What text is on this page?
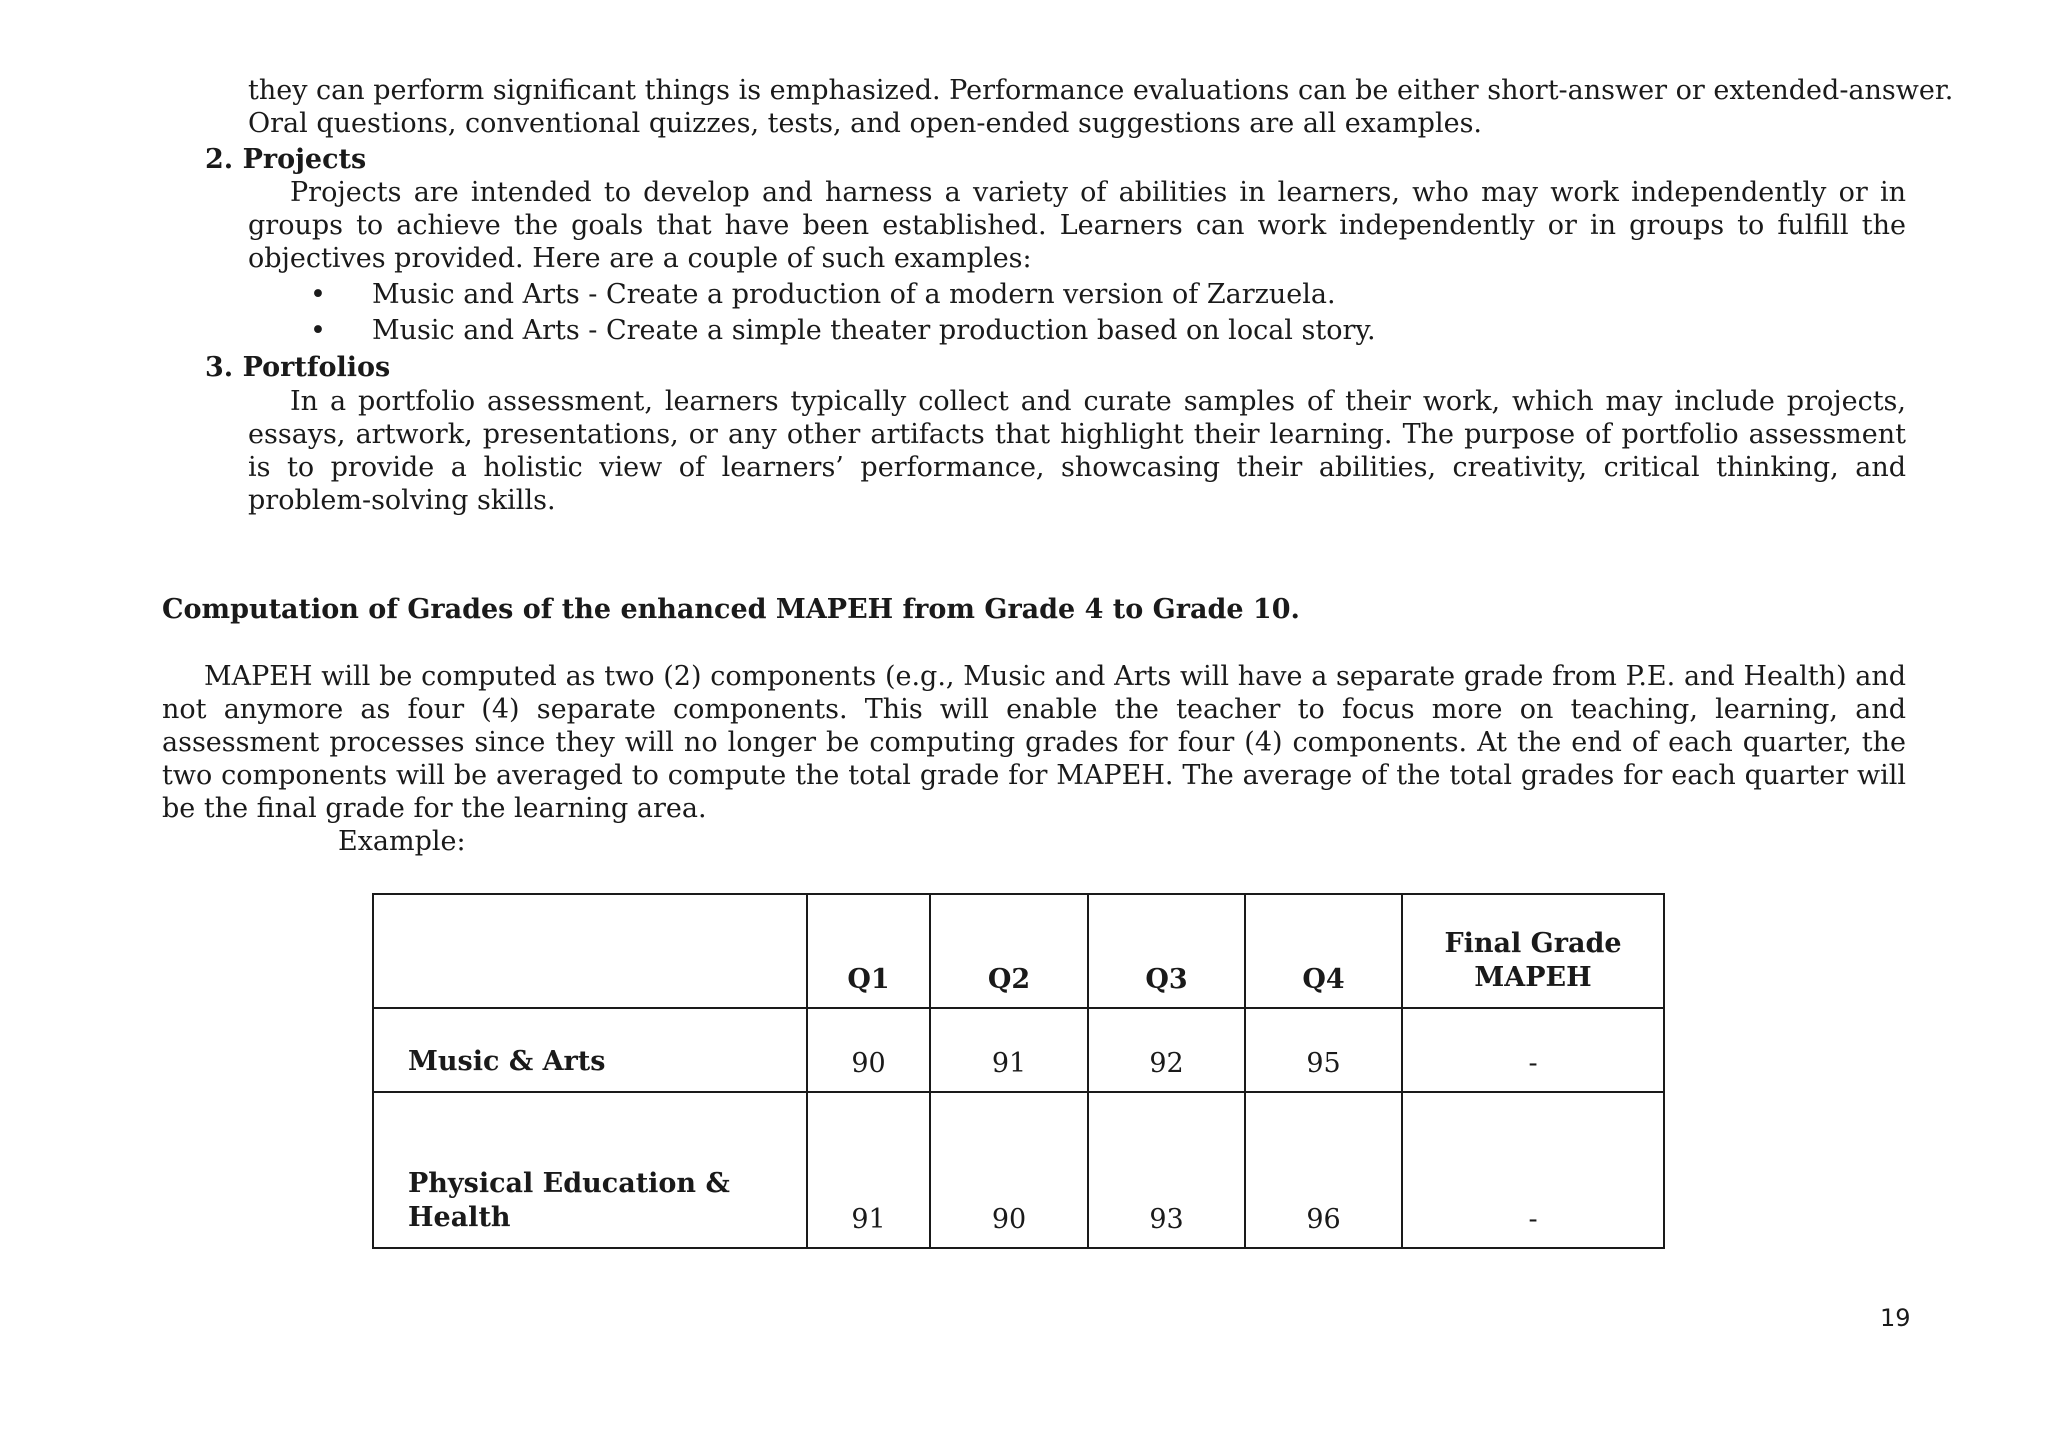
they can perform significant things is emphasized. Performance evaluations can be either short-answer or extended-answer.
Oral questions, conventional quizzes, tests, and open-ended suggestions are all examples.
2. Projects
Projects are intended to develop and harness a variety of abilities in learners, who may work independently or in groups to achieve the goals that have been established. Learners can work independently or in groups to fulfill the objectives provided. Here are a couple of such examples:
• Music and Arts - Create a production of a modern version of Zarzuela.
• Music and Arts - Create a simple theater production based on local story.
3. Portfolios
In a portfolio assessment, learners typically collect and curate samples of their work, which may include projects, essays, artwork, presentations, or any other artifacts that highlight their learning. The purpose of portfolio assessment is to provide a holistic view of learners’ performance, showcasing their abilities, creativity, critical thinking, and problem-solving skills.
Computation of Grades of the enhanced MAPEH from Grade 4 to Grade 10.
MAPEH will be computed as two (2) components (e.g., Music and Arts will have a separate grade from P.E. and Health) and not anymore as four (4) separate components. This will enable the teacher to focus more on teaching, learning, and assessment processes since they will no longer be computing grades for four (4) components. At the end of each quarter, the two components will be averaged to compute the total grade for MAPEH. The average of the total grades for each quarter will be the final grade for the learning area.
Example:
	Q1	Q2	Q3	Q4	Final Grade
MAPEH

Music & Arts	90	91	92	95	-

Physical Education &
Health	91	90	93	96	-
19
